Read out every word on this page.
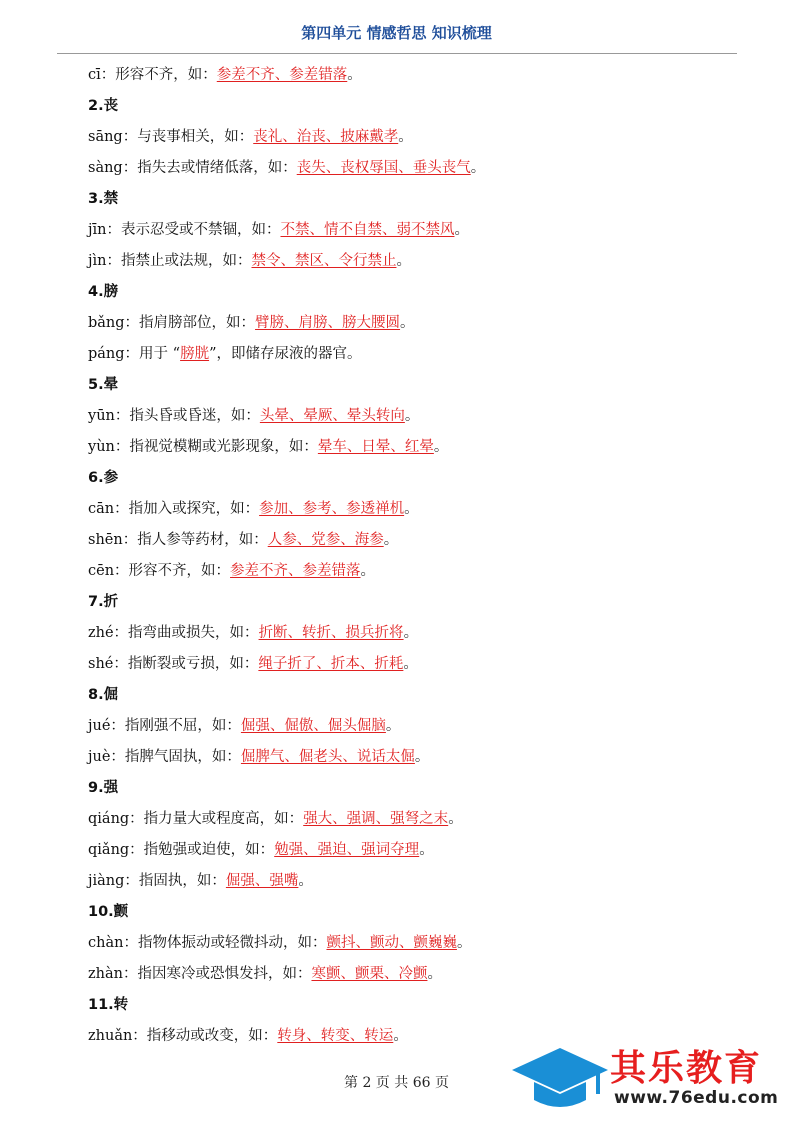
第四单元 情感哲思 知识梳理
cī：形容不齐，如：参差不齐、参差错落。
2.丧
sāng：与丧事相关，如：丧礼、治丧、披麻戴孝。
sàng：指失去或情绪低落，如：丧失、丧权辱国、垂头丧气。
3.禁
jīn：表示忍受或不禁锢，如：不禁、情不自禁、弱不禁风。
jìn：指禁止或法规，如：禁令、禁区、令行禁止。
4.膀
bǎng：指肩膀部位，如：臂膀、肩膀、膀大腰圆。
páng：用于 “膀胱”，即储存尿液的器官。
5.晕
yūn：指头昏或昏迷，如：头晕、晕厥、晕头转向。
yùn：指视觉模糊或光影现象，如：晕车、日晕、红晕。
6.参
cān：指加入或探究，如：参加、参考、参透禅机。
shēn：指人参等药材，如：人参、党参、海参。
cēn：形容不齐，如：参差不齐、参差错落。
7.折
zhé：指弯曲或损失，如：折断、转折、损兵折将。
shé：指断裂或亏损，如：绳子折了、折本、折耗。
8.倔
jué：指刚强不屈，如：倔强、倔傲、倔头倔脑。
juè：指脾气固执，如：倔脾气、倔老头、说话太倔。
9.强
qiáng：指力量大或程度高，如：强大、强调、强弩之末。
qiǎng：指勉强或迫使，如：勉强、强迫、强词夺理。
jiàng：指固执，如：倔强、强嘴。
10.颤
chàn：指物体振动或轻微抖动，如：颤抖、颤动、颤巍巍。
zhàn：指因寒冷或恐惧发抖，如：寒颤、颤栗、冷颤。
11.转
zhuǎn：指移动或改变，如：转身、转变、转运。
第 2 页 共 66 页	其乐教育
www.76edu.com
